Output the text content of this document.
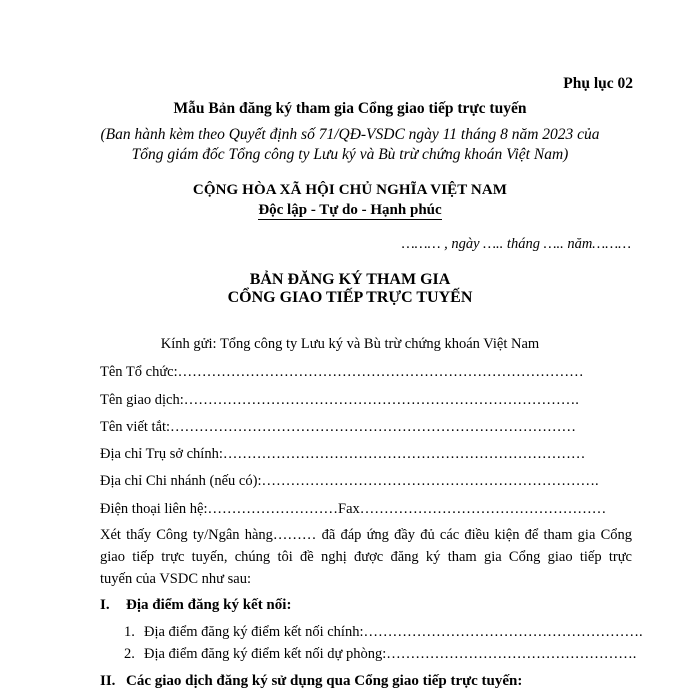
Phụ lục 02
Mẫu Bản đăng ký tham gia Cổng giao tiếp trực tuyến
(Ban hành kèm theo Quyết định số 71/QĐ-VSDC ngày 11 tháng 8 năm 2023 của
Tổng giám đốc Tổng công ty Lưu ký và Bù trừ chứng khoán Việt Nam)
CỘNG HÒA XÃ HỘI CHỦ NGHĨA VIỆT NAM
Độc lập - Tự do - Hạnh phúc
……… , ngày ….. tháng ….. năm………
BẢN ĐĂNG KÝ THAM GIA
CỔNG GIAO TIẾP TRỰC TUYẾN
Kính gửi: Tổng công ty Lưu ký và Bù trừ chứng khoán Việt Nam
Tên Tổ chức:…………………………………………………………………………
Tên giao dịch:……………………………………………………………………….
Tên viết tắt:…………………………………………………………………………
Địa chỉ Trụ sở chính:…………………………………………………………………
Địa chỉ Chi nhánh (nếu có):…………………………………………………………….
Điện thoại liên hệ:………………………Fax……………………………………………
Xét thấy Công ty/Ngân hàng……… đã đáp ứng đầy đủ các điều kiện để tham gia Cổng
giao tiếp trực tuyến, chúng tôi đề nghị được đăng ký tham gia Cổng giao tiếp trực
tuyến của VSDC như sau:
I. Địa điểm đăng ký kết nối:
1. Địa điểm đăng ký điểm kết nối chính:………………………………………………….
2. Địa điểm đăng ký điểm kết nối dự phòng:…………………………………………….
II. Các giao dịch đăng ký sử dụng qua Cổng giao tiếp trực tuyến:
